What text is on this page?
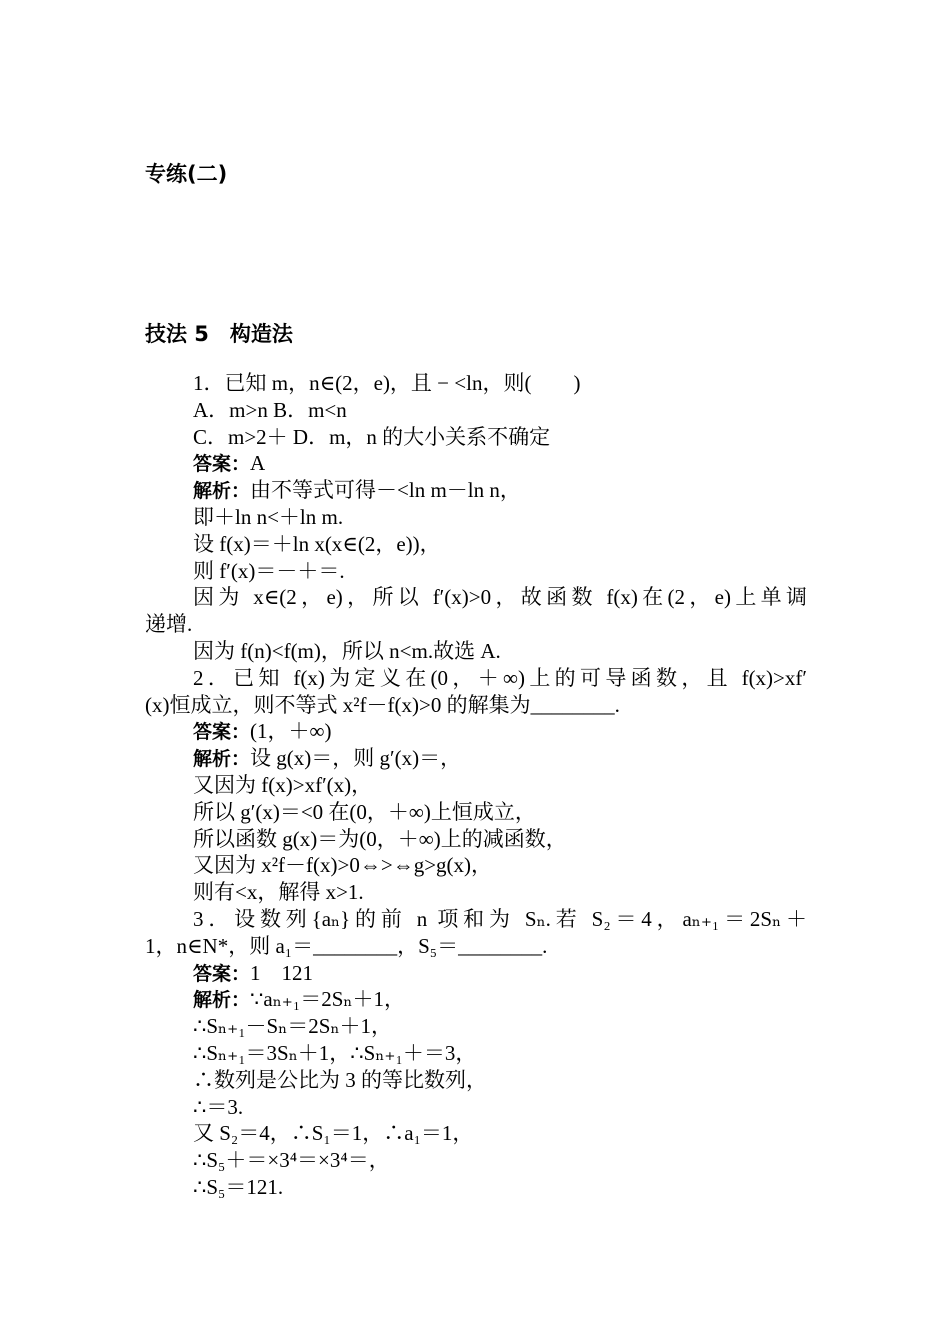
专练(二)
技法 5　构造法
1．已知 m，n∈(2，e)，且 − <ln，则(　　)
A．m>n B．m<n
C．m>2＋ D．m，n 的大小关系不确定
答案：A
解析：由不等式可得－<ln m－ln n，
即＋ln n<＋ln m.
设 f(x)＝＋ln x(x∈(2，e))，
则 f′(x)＝－＋＝.
因为 x∈(2，e)，所以 f′(x)>0，故函数 f(x)在(2，e)上单调
递增.
因为 f(n)<f(m)，所以 n<m.故选 A.
2．已知 f(x)为定义在(0，＋∞)上的可导函数，且 f(x)>xf′
(x)恒成立，则不等式 x²f－f(x)>0 的解集为________.
答案：(1，＋∞)
解析：设 g(x)＝，则 g′(x)＝，
又因为 f(x)>xf′(x)，
所以 g′(x)＝<0 在(0，＋∞)上恒成立，
所以函数 g(x)＝为(0，＋∞)上的减函数，
又因为 x²f－f(x)>0⇔>⇔g>g(x)，
则有<x，解得 x>1.
3．设数列{aₙ}的前 n 项和为 Sₙ.若 S₂＝4，aₙ₊₁＝2Sₙ＋
1，n∈N*，则 a₁＝________，S₅＝________.
答案：1　121
解析：∵aₙ₊₁＝2Sₙ＋1，
∴Sₙ₊₁－Sₙ＝2Sₙ＋1，
∴Sₙ₊₁＝3Sₙ＋1，∴Sₙ₊₁＋＝3，
∴数列是公比为 3 的等比数列，
∴＝3.
又 S₂＝4，∴S₁＝1，∴a₁＝1，
∴S₅＋＝×3⁴＝×3⁴＝，
∴S₅＝121.
